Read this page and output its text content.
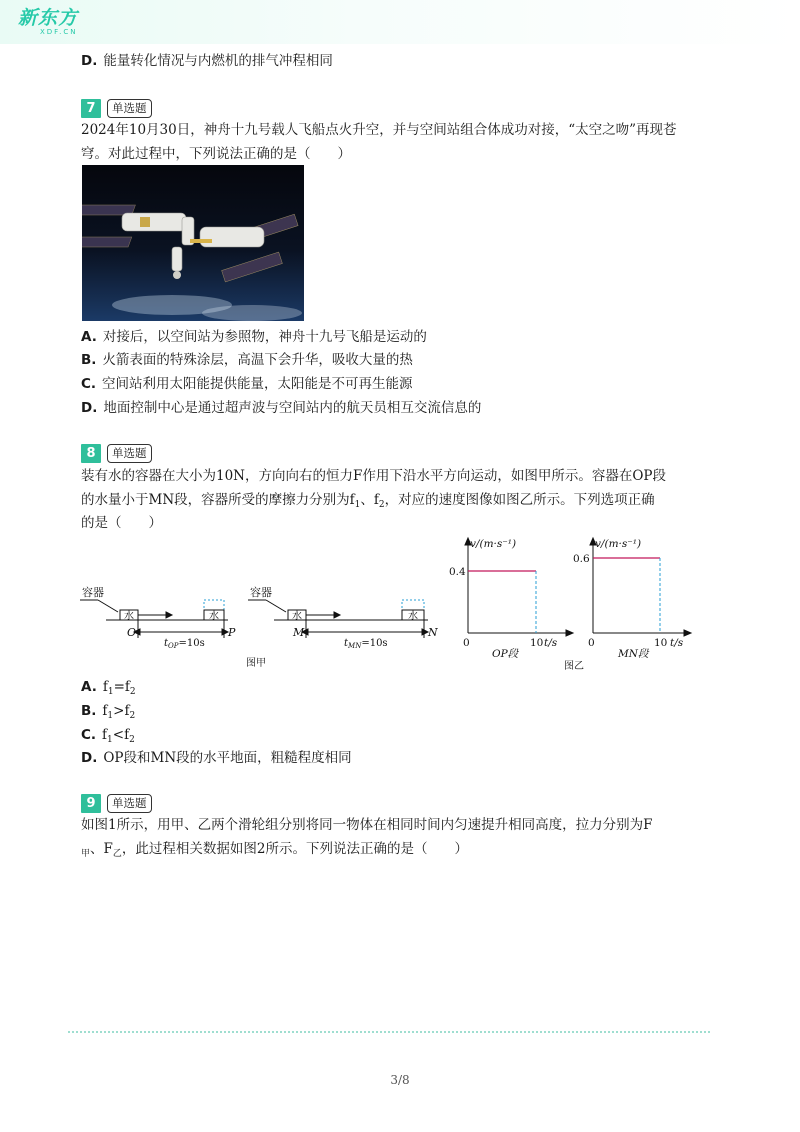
新东方
XDF.CN
D. 能量转化情况与内燃机的排气冲程相同
7	单选题
2024年10月30日，神舟十九号载人飞船点火升空，并与空间站组合体成功对接，“太空之吻”再现苍
穹。对此过程中，下列说法正确的是（　　）
A. 对接后，以空间站为参照物，神舟十九号飞船是运动的
B. 火箭表面的特殊涂层，高温下会升华，吸收大量的热
C. 空间站利用太阳能提供能量，太阳能是不可再生能源
D. 地面控制中心是通过超声波与空间站内的航天员相互交流信息的
8	单选题
装有水的容器在大小为10N，方向向右的恒力F作用下沿水平方向运动，如图甲所示。容器在OP段
的水量小于MN段，容器所受的摩擦力分别为$f_1$、$f_2$，对应的速度图像如图乙所示。下列选项正确
的是（　　）
容器
水	水
O	P
$t_{OP}=10s$
容器
水	水
M	N
$t_{MN}=10s$
图甲
v/(m·s⁻¹)	v/(m·s⁻¹)
0.4
0.6
0	0
10	10
t/s	t/s
OP段	MN段
图乙
A. $f_1=f_2$
B. $f_1>f_2$
C. $f_1<f_2$
D. OP段和MN段的水平地面，粗糙程度相同
9	单选题
如图1所示，用甲、乙两个滑轮组分别将同一物体在相同时间内匀速提升相同高度，拉力分别为F
$_甲$、$F_乙$，此过程相关数据如图2所示。下列说法正确的是（　　）
3/8
